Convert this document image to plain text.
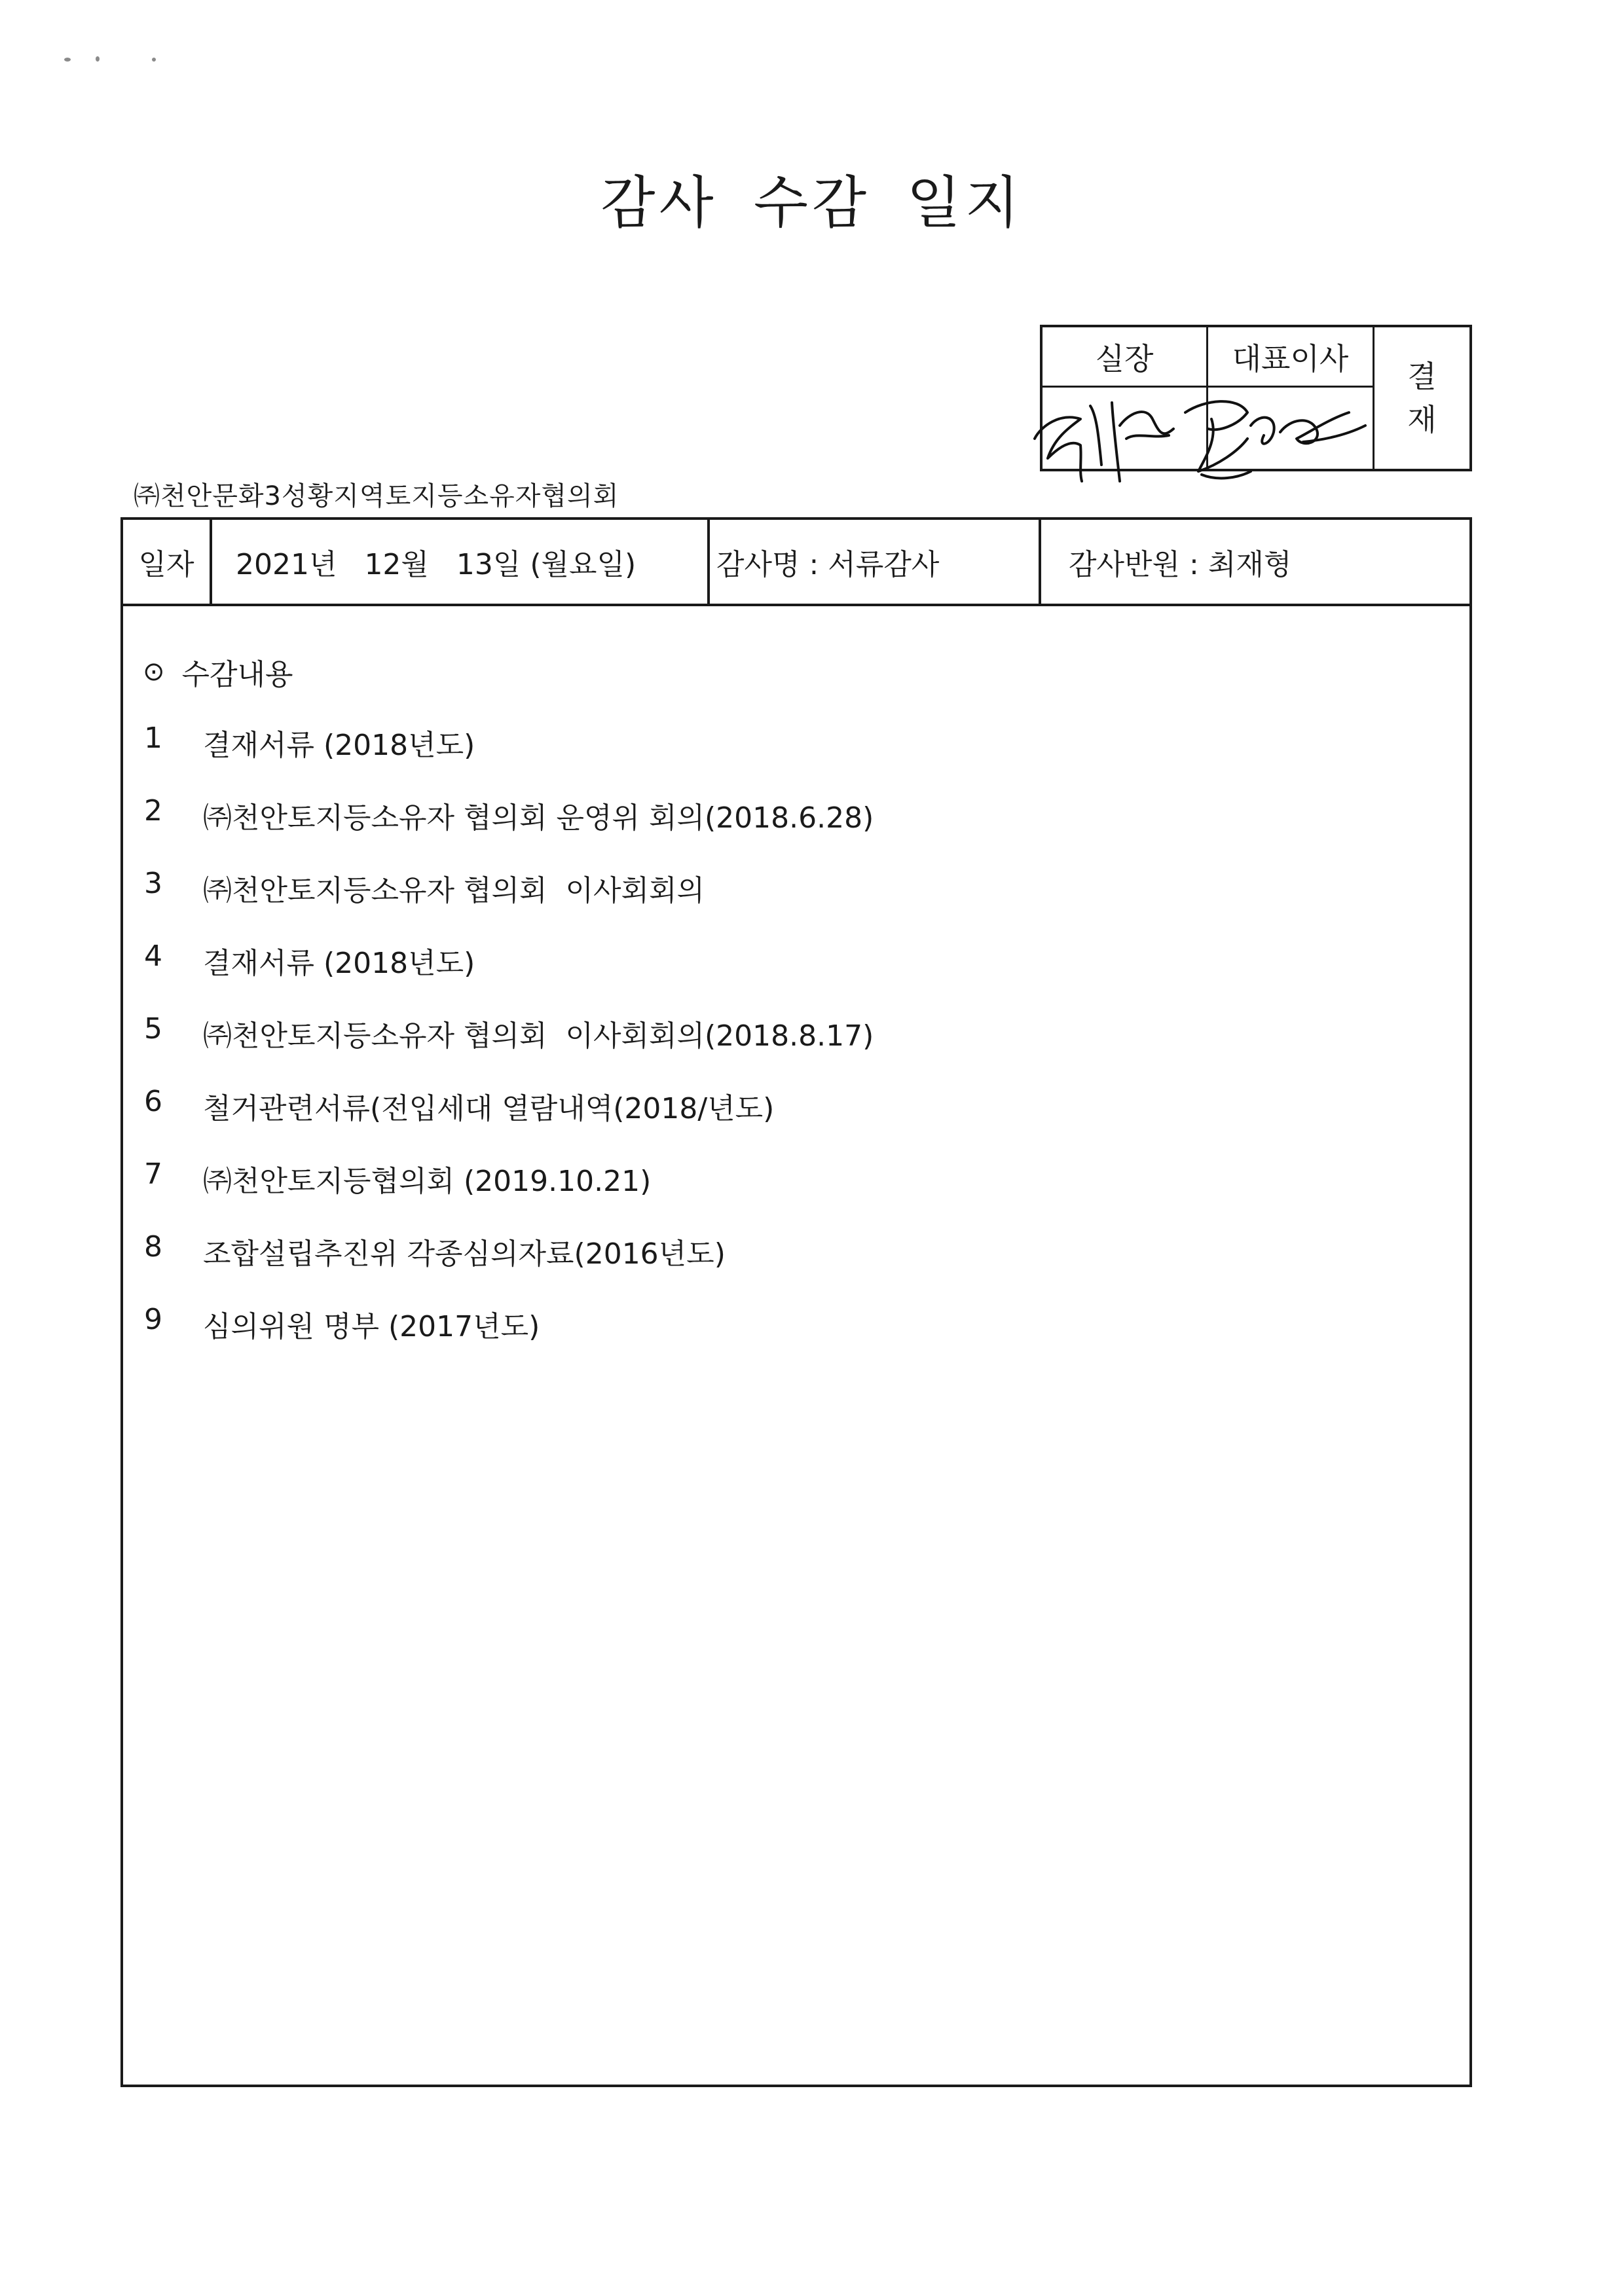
감사 수감 일지
실장	대표이사
결
재
㈜천안문화3성황지역토지등소유자협의회
일자	2021년   12월   13일 (월요일)	감사명 : 서류감사	감사반원 : 최재형
⊙ 수감내용
1 결재서류 (2018년도)
2 ㈜천안토지등소유자 협의회 운영위 회의(2018.6.28)
3 ㈜천안토지등소유자 협의회  이사회회의
4 결재서류 (2018년도)
5 ㈜천안토지등소유자 협의회  이사회회의(2018.8.17)
6 철거관련서류(전입세대 열람내역(2018/년도)
7 ㈜천안토지등협의회 (2019.10.21)
8 조합설립추진위 각종심의자료(2016년도)
9 심의위원 명부 (2017년도)
